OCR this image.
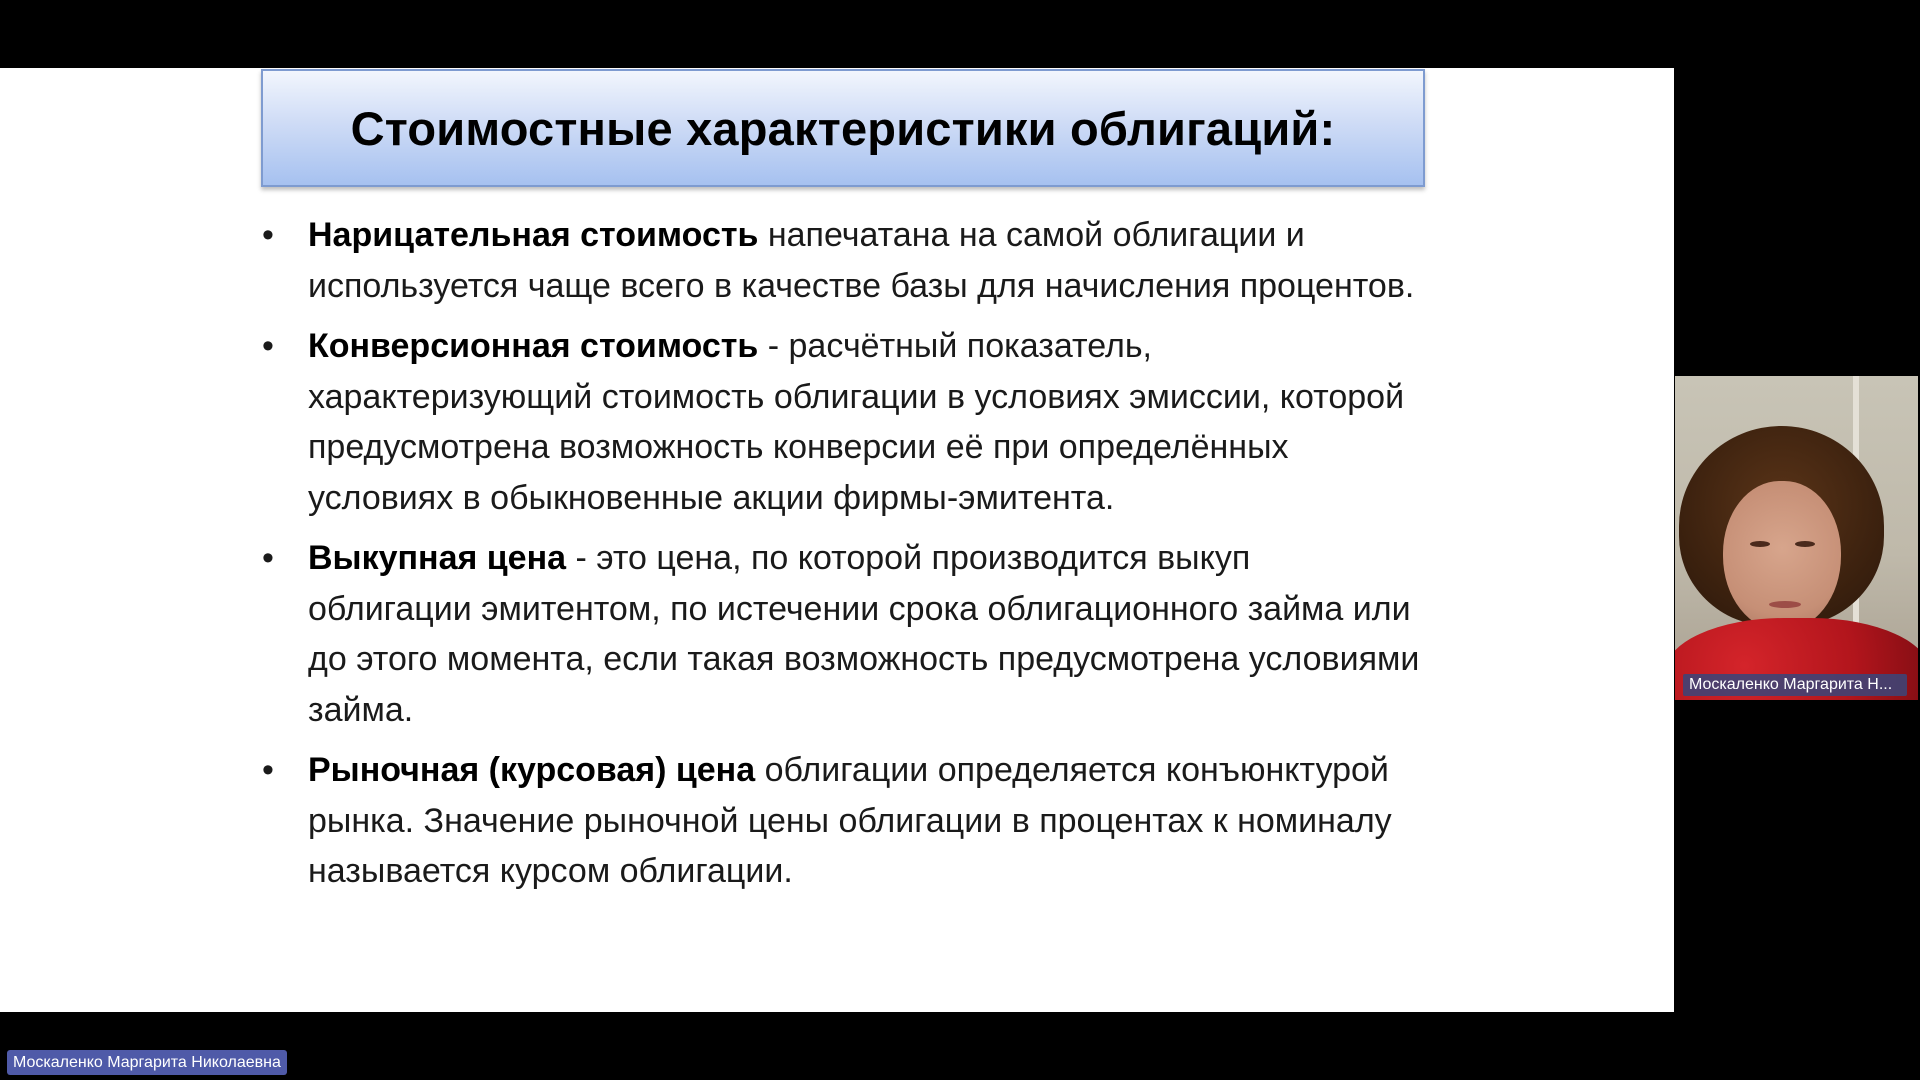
Стоимостные характеристики облигаций:
• Нарицательная стоимость напечатана на самой облигации и используется чаще всего в качестве базы для начисления процентов.
• Конверсионная стоимость - расчётный показатель, характеризующий стоимость облигации в условиях эмиссии, которой предусмотрена возможность конверсии её при определённых условиях в обыкновенные акции фирмы-эмитента.
• Выкупная цена - это цена, по которой производится выкуп облигации эмитентом, по истечении срока облигационного займа или до этого момента, если такая возможность предусмотрена условиями займа.
• Рыночная (курсовая) цена облигации определяется конъюнктурой рынка. Значение рыночной цены облигации в процентах к номиналу называется курсом облигации.
Москаленко Маргарита Н...
Москаленко Маргарита Николаевна
